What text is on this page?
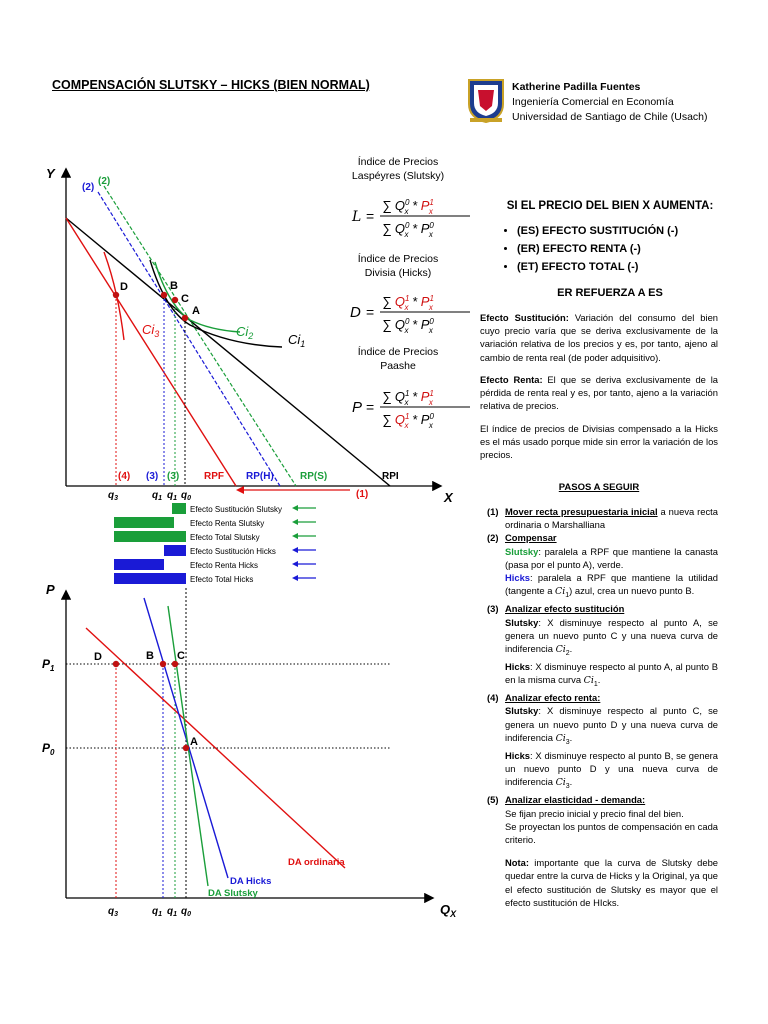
COMPENSACIÓN SLUTSKY – HICKS (BIEN NORMAL)	Katherine Padilla Fuentes
Ingeniería Comercial en Economía
Universidad de Santiago de Chile (Usach)
Índice de Precios
Laspéyres (Slutsky)
L =
∑ $Q^0$ x * $P^1$ x
∑ $Q^0$ x * $P^0$ x
Índice de Precios
Divisia (Hicks)
D =
∑ $Q^1$ x * $P^1$ x
∑ $Q^0$ x * $P^0$ x
Índice de Precios
Paashe
P =
∑ $Q^1$ x * $P^1$ x
∑ $Q^1$ x * $P^0$ x
Y
X
D	B
C
A
$Ci_3$	$Ci_2$	$Ci_1$
(2)
(2)
(4) (3) (3) RPF RP(H)	RP(S)	RPI
(1)
$q_3$	$q_1$ $q_1$ $q_0$
Efecto Sustitución Slutsky
Efecto Renta Slutsky
Efecto Total Slutsky
Efecto Sustitución Hicks
Efecto Renta Hicks
Efecto Total Hicks
P
$Q_X$
$P_1$
$P_0$
D	B C
A
DA ordinaria
DA Hicks
DA Slutsky
$q_3$	$q_1$ $q_1$ $q_0$
SI EL PRECIO DEL BIEN X AUMENTA:
• (ES) EFECTO SUSTITUCIÓN (-)
• (ER) EFECTO RENTA (-)
• (ET) EFECTO TOTAL (-)
ER REFUERZA A ES
Efecto Sustitución: Variación del consumo del bien cuyo precio varía que se deriva exclusivamente de la variación relativa de los precios y es, por tanto, ajeno al cambio de renta real (de poder adquisitivo).
Efecto Renta: El que se deriva exclusivamente de la pérdida de renta real y es, por tanto, ajeno a la variación relativa de precios.
El índice de precios de Divisias compensado a la Hicks es el más usado porque mide sin error la variación de los precios.
PASOS A SEGUIR
(1) Mover recta presupuestaria inicial a nueva recta ordinaria o Marshalliana
(2) Compensar
Slutsky: paralela a RPF que mantiene la canasta (pasa por el punto A), verde.
Hicks: paralela a RPF que mantiene la utilidad (tangente a $Ci_1$) azul, crea un nuevo punto B.
(3) Analizar efecto sustitución
Slutsky: X disminuye respecto al punto A, se genera un nuevo punto C y una nueva curva de indiferencia $Ci_2$.
Hicks: X disminuye respecto al punto A, al punto B en la misma curva $Ci_1$.
(4) Analizar efecto renta:
Slutsky: X disminuye respecto al punto C, se genera un nuevo punto D y una nueva curva de indiferencia $Ci_3$.
Hicks: X disminuye respecto al punto B, se genera un nuevo punto D y una nueva curva de indiferencia $Ci_3$.
(5) Analizar elasticidad - demanda:
Se fijan precio inicial y precio final del bien.
Se proyectan los puntos de compensación en cada criterio.
Nota: importante que la curva de Slutsky debe quedar entre la curva de Hicks y la Original, ya que el efecto sustitución de Slutsky es mayor que el efecto sustitución de HIcks.
